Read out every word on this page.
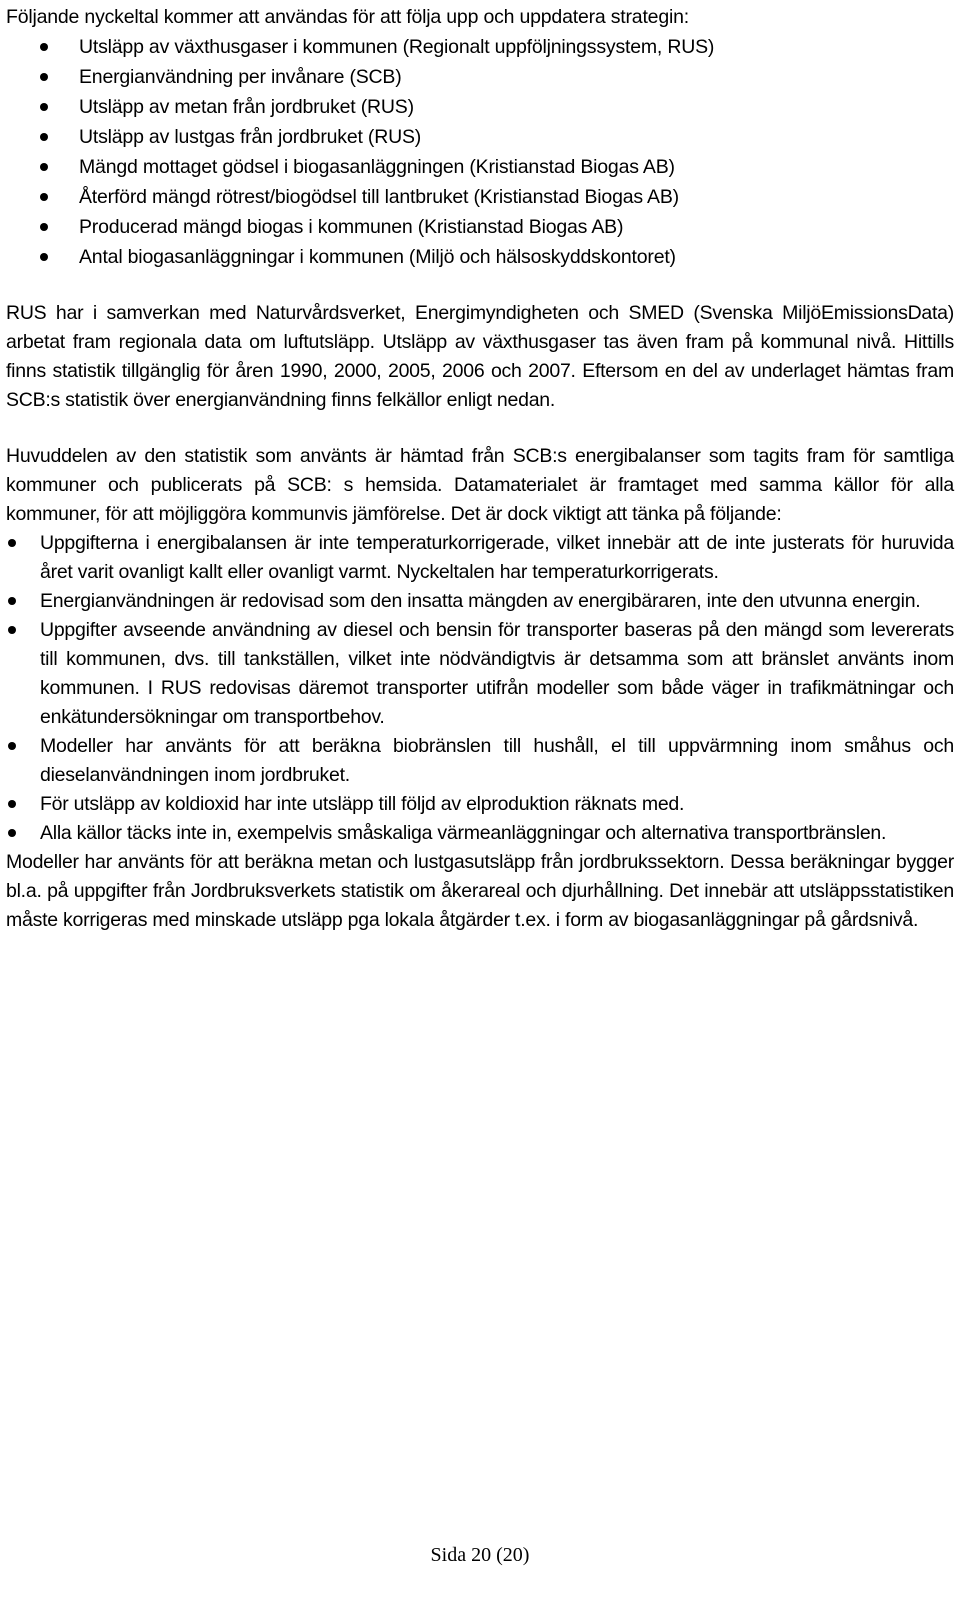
Följande nyckeltal kommer att användas för att följa upp och uppdatera strategin:

Utsläpp av växthusgaser i kommunen (Regionalt uppföljningssystem, RUS)
Energianvändning per invånare (SCB)
Utsläpp av metan från jordbruket (RUS)
Utsläpp av lustgas från jordbruket (RUS)
Mängd mottaget gödsel i biogasanläggningen (Kristianstad Biogas AB)
Återförd mängd rötrest/biogödsel till lantbruket (Kristianstad Biogas AB)
Producerad mängd biogas i kommunen (Kristianstad Biogas AB)
Antal biogasanläggningar i kommunen (Miljö och hälsoskyddskontoret)

RUS har i samverkan med Naturvårdsverket, Energimyndigheten och SMED (Svenska MiljöEmissionsData) arbetat fram regionala data om luftutsläpp. Utsläpp av växthusgaser tas även fram på kommunal nivå. Hittills finns statistik tillgänglig för åren 1990, 2000, 2005, 2006 och 2007. Eftersom en del av underlaget hämtas fram SCB:s statistik över energianvändning finns felkällor enligt nedan.

Huvuddelen av den statistik som använts är hämtad från SCB:s energibalanser som tagits fram för samtliga kommuner och publicerats på SCB: s hemsida. Datamaterialet är framtaget med samma källor för alla kommuner, för att möjliggöra kommunvis jämförelse. Det är dock viktigt att tänka på följande:

Uppgifterna i energibalansen är inte temperaturkorrigerade, vilket innebär att de inte justerats för huruvida året varit ovanligt kallt eller ovanligt varmt. Nyckeltalen har temperaturkorrigerats.
Energianvändningen är redovisad som den insatta mängden av energibäraren, inte den utvunna energin.
Uppgifter avseende användning av diesel och bensin för transporter baseras på den mängd som levererats till kommunen, dvs. till tankställen, vilket inte nödvändigtvis är detsamma som att bränslet använts inom kommunen. I RUS redovisas däremot transporter utifrån modeller som både väger in trafikmätningar och enkätundersökningar om transportbehov.
Modeller har använts för att beräkna biobränslen till hushåll, el till uppvärmning inom småhus och dieselanvändningen inom jordbruket.
För utsläpp av koldioxid har inte utsläpp till följd av elproduktion räknats med.
Alla källor täcks inte in, exempelvis småskaliga värmeanläggningar och alternativa transportbränslen.

Modeller har använts för att beräkna metan och lustgasutsläpp från jordbrukssektorn. Dessa beräkningar bygger bl.a. på uppgifter från Jordbruksverkets statistik om åkerareal och djurhållning. Det innebär att utsläppsstatistiken måste korrigeras med minskade utsläpp pga lokala åtgärder t.ex. i form av biogasanläggningar på gårdsnivå.

Sida 20 (20)
